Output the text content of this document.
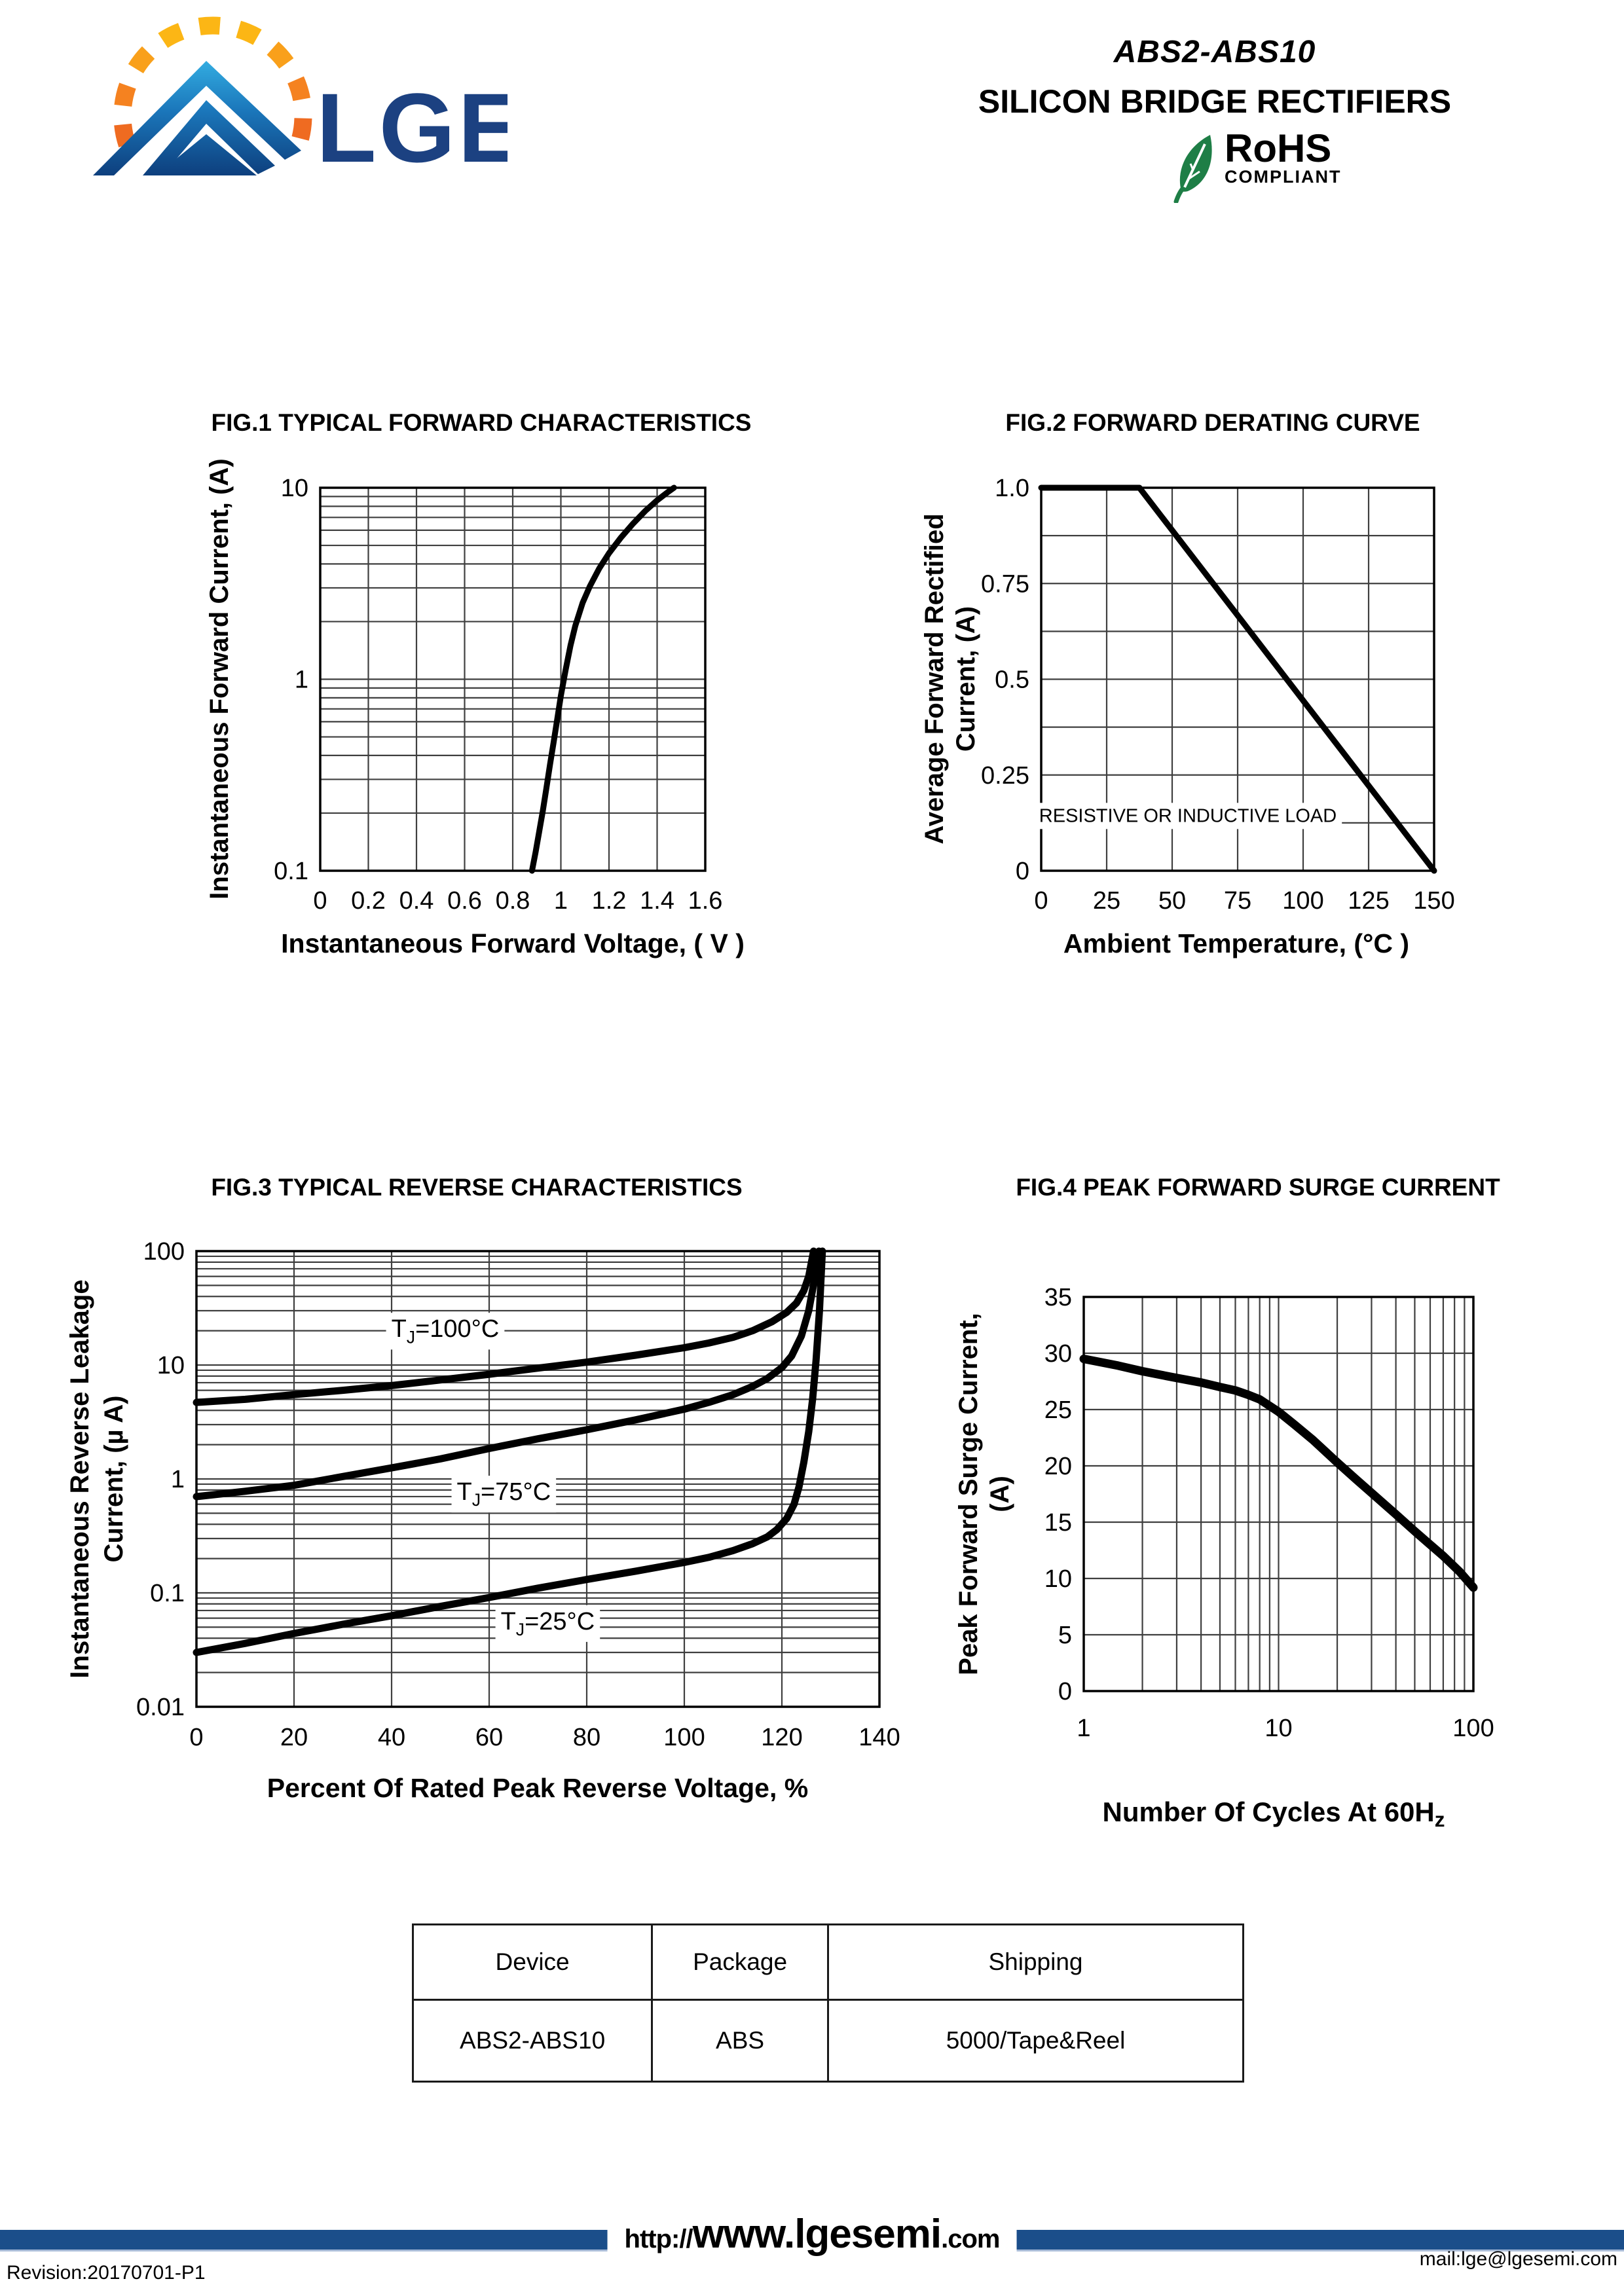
LGE
ABS2-ABS10
SILICON BRIDGE RECTIFIERS
RoHS
COMPLIANT
0 0.2 0.4 0.6 0.8 1 1.2 1.4 1.6
10
1
0.1
Instantaneous Forward Current, (A)
Instantaneous Forward Voltage, ( V )
FIG.1 TYPICAL FORWARD CHARACTERISTICS
0 25 50 75 100 125 150
1.0
0.75
0.5
0.25
0
Average Forward Rectified Current, (A)
Ambient Temperature, (°C )
RESISTIVE OR INDUCTIVE LOAD
FIG.2 FORWARD DERATING CURVE
0	20	40	60	80	100 120 140
100
10
1
0.1
0.01
Instantaneous Reverse Leakage Current, (µ A)
Percent Of Rated Peak Reverse Voltage, %
$T_J=100^\circ C$
$T_J=75^\circ C$
$T_J=25^\circ C$
FIG.3 TYPICAL REVERSE CHARACTERISTICS
1	10	100
35
30
25
20
15
10
5
0
Peak Forward Surge Current, (A)
Number Of Cycles At 60Hz
FIG.4 PEAK FORWARD SURGE CURRENT
Device	Package	Shipping
ABS2-ABS10	ABS	5000/Tape&Reel
http://www.lgesemi.com
Revision:20170701-P1
mail:lge@lgesemi.com
